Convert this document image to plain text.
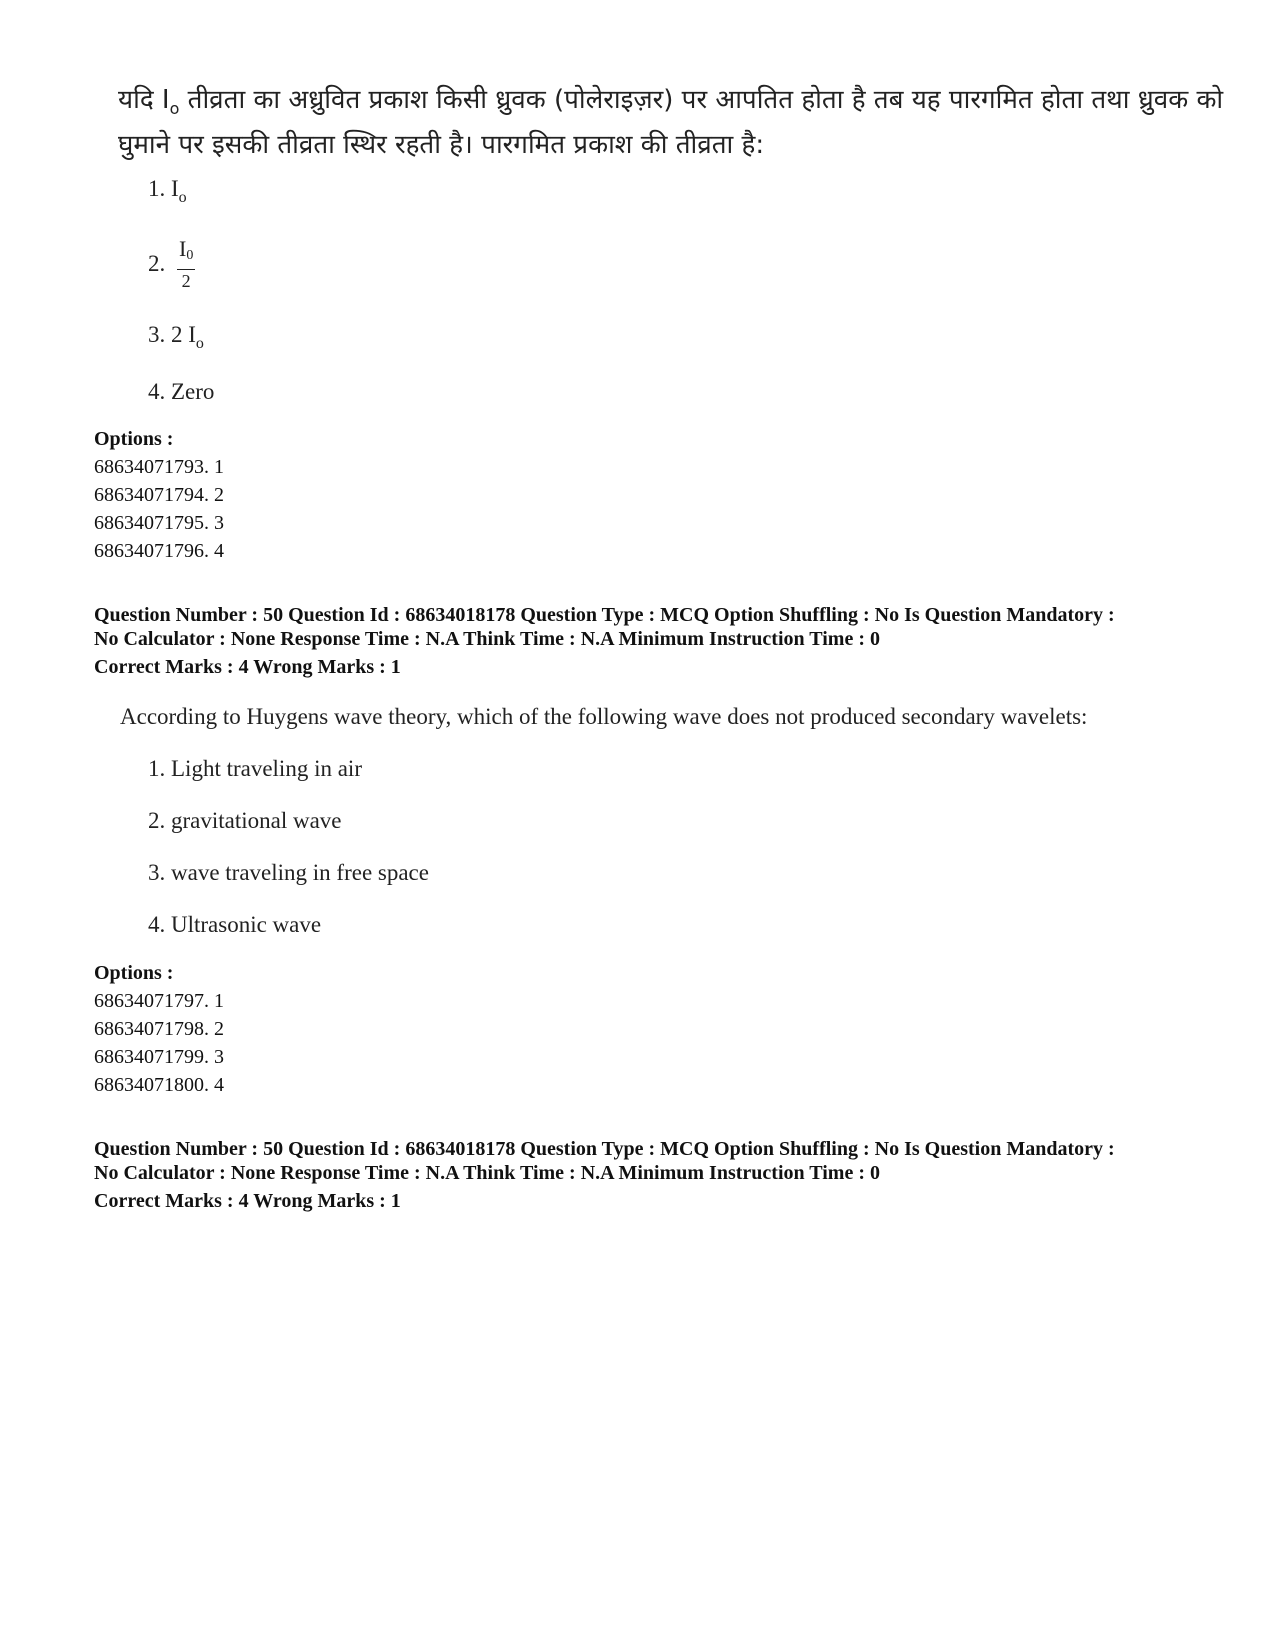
यदि $I_o$ तीव्रता का अध्रुवित प्रकाश किसी ध्रुवक (पोलेराइज़र) पर आपतित होता है तब यह पारगमित होता तथा ध्रुवक को
घुमाने पर इसकी तीव्रता स्थिर रहती है। पारगमित प्रकाश की तीव्रता है:
1. $I_o$
2. $\frac{I_0}{2}$
3. 2 $I_o$
4. Zero
Options :
68634071793. 1
68634071794. 2
68634071795. 3
68634071796. 4
Question Number : 50 Question Id : 68634018178 Question Type : MCQ Option Shuffling : No Is Question Mandatory :
No Calculator : None Response Time : N.A Think Time : N.A Minimum Instruction Time : 0
Correct Marks : 4 Wrong Marks : 1
According to Huygens wave theory, which of the following wave does not produced secondary wavelets:
1. Light traveling in air
2. gravitational wave
3. wave traveling in free space
4. Ultrasonic wave
Options :
68634071797. 1
68634071798. 2
68634071799. 3
68634071800. 4
Question Number : 50 Question Id : 68634018178 Question Type : MCQ Option Shuffling : No Is Question Mandatory :
No Calculator : None Response Time : N.A Think Time : N.A Minimum Instruction Time : 0
Correct Marks : 4 Wrong Marks : 1
